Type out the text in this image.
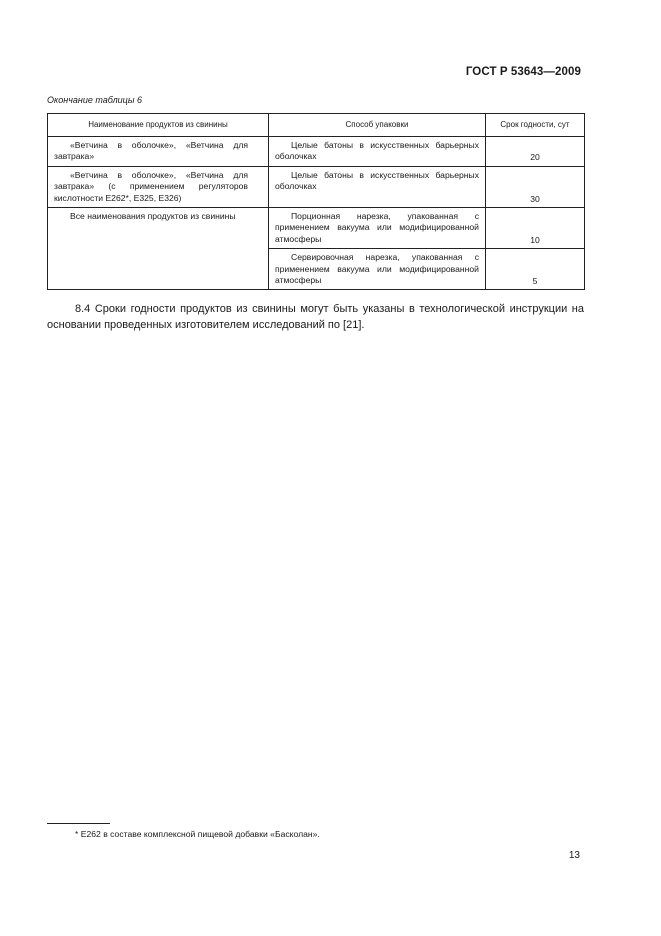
ГОСТ Р 53643—2009
Окончание таблицы 6
Наименование продуктов из свинины	Способ упаковки	Срок годности, сут
«Ветчина в оболочке», «Ветчина для завтрака»	Целые батоны в искусственных барьерных оболочках	20
«Ветчина в оболочке», «Ветчина для завтрака» (с применением регуляторов кислотности Е262*, Е325, Е326)	Целые батоны в искусственных барьерных оболочках	30
Все наименования продуктов из свинины	Порционная нарезка, упакованная с применением вакуума или модифицированной атмосферы	10
	Сервировочная нарезка, упакованная с применением вакуума или модифицированной атмосферы	5
8.4 Сроки годности продуктов из свинины могут быть указаны в технологической инструкции на основании проведенных изготовителем исследований по [21].
* Е262 в составе комплексной пищевой добавки «Басколан».
13
